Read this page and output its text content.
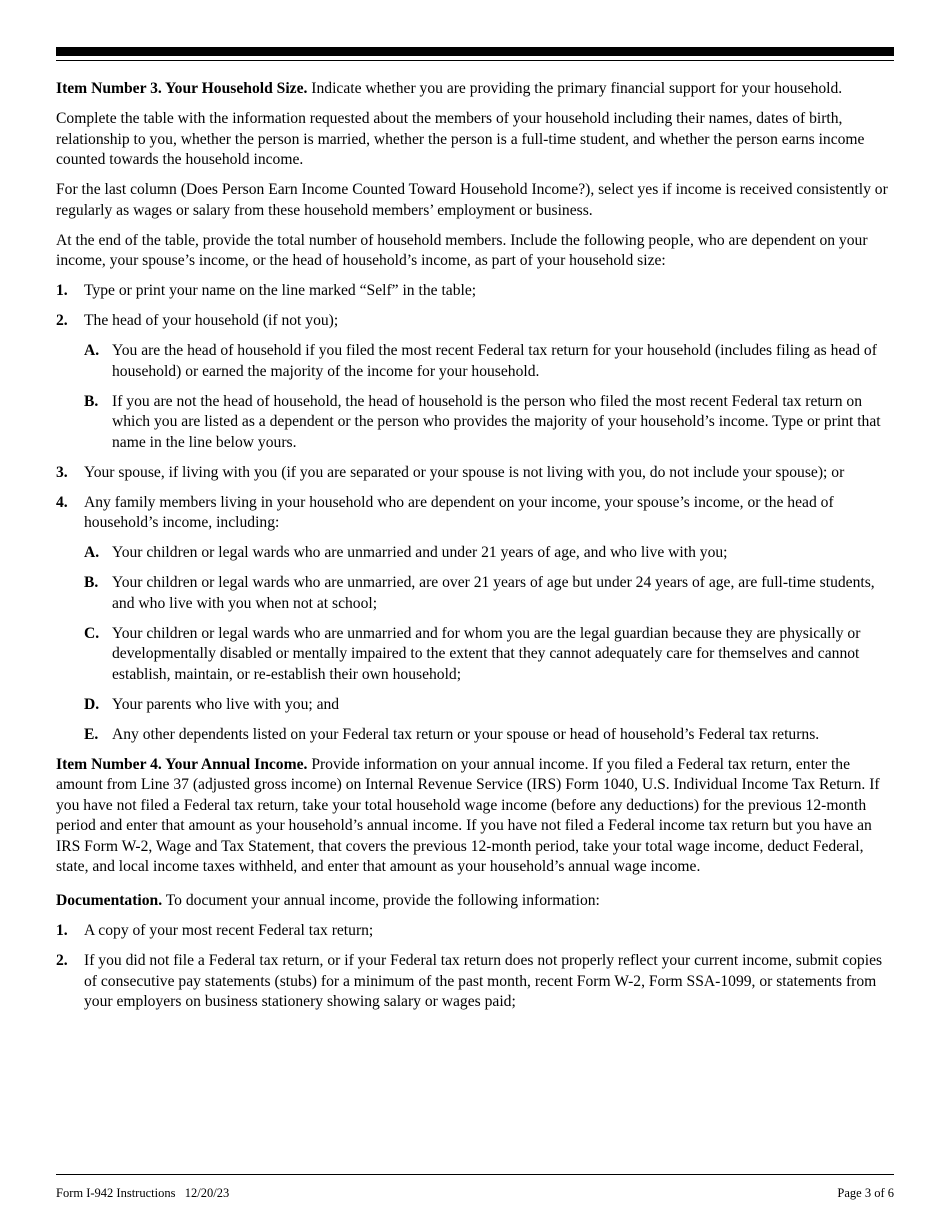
Item Number 3. Your Household Size. Indicate whether you are providing the primary financial support for your household.

Complete the table with the information requested about the members of your household including their names, dates of birth, relationship to you, whether the person is married, whether the person is a full-time student, and whether the person earns income counted towards the household income.

For the last column (Does Person Earn Income Counted Toward Household Income?), select yes if income is received consistently or regularly as wages or salary from these household members’ employment or business.

At the end of the table, provide the total number of household members. Include the following people, who are dependent on your income, your spouse’s income, or the head of household’s income, as part of your household size:

1. Type or print your name on the line marked “Self” in the table;
2. The head of your household (if not you);
A. You are the head of household if you filed the most recent Federal tax return for your household (includes filing as head of household) or earned the majority of the income for your household.
B. If you are not the head of household, the head of household is the person who filed the most recent Federal tax return on which you are listed as a dependent or the person who provides the majority of your household’s income. Type or print that name in the line below yours.
3. Your spouse, if living with you (if you are separated or your spouse is not living with you, do not include your spouse); or
4. Any family members living in your household who are dependent on your income, your spouse’s income, or the head of household’s income, including:
A. Your children or legal wards who are unmarried and under 21 years of age, and who live with you;
B. Your children or legal wards who are unmarried, are over 21 years of age but under 24 years of age, are full-time students, and who live with you when not at school;
C. Your children or legal wards who are unmarried and for whom you are the legal guardian because they are physically or developmentally disabled or mentally impaired to the extent that they cannot adequately care for themselves and cannot establish, maintain, or re-establish their own household;
D. Your parents who live with you; and
E. Any other dependents listed on your Federal tax return or your spouse or head of household’s Federal tax returns.

Item Number 4. Your Annual Income. Provide information on your annual income. If you filed a Federal tax return, enter the amount from Line 37 (adjusted gross income) on Internal Revenue Service (IRS) Form 1040, U.S. Individual Income Tax Return. If you have not filed a Federal tax return, take your total household wage income (before any deductions) for the previous 12-month period and enter that amount as your household’s annual income. If you have not filed a Federal income tax return but you have an IRS Form W-2, Wage and Tax Statement, that covers the previous 12-month period, take your total wage income, deduct Federal, state, and local income taxes withheld, and enter that amount as your household’s annual wage income.

Documentation. To document your annual income, provide the following information:

1. A copy of your most recent Federal tax return;
2. If you did not file a Federal tax return, or if your Federal tax return does not properly reflect your current income, submit copies of consecutive pay statements (stubs) for a minimum of the past month, recent Form W-2, Form SSA-1099, or statements from your employers on business stationery showing salary or wages paid;
Form I-942 Instructions   12/20/23	Page 3 of 6
